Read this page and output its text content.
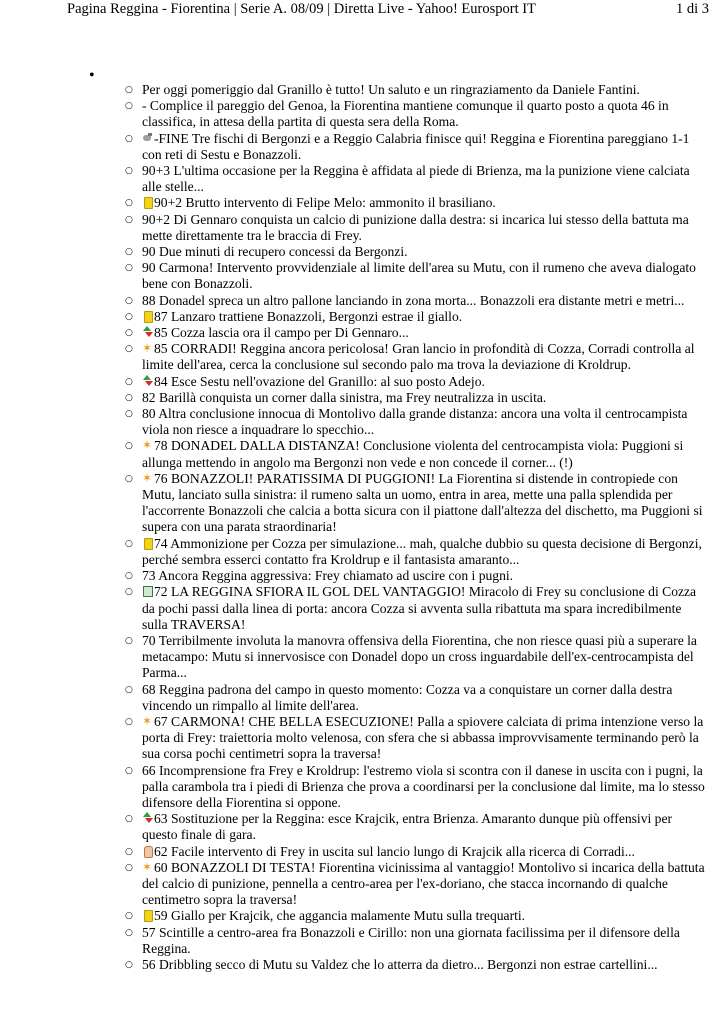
Pagina Reggina - Fiorentina | Serie A. 08/09 | Diretta Live - Yahoo! Eurosport IT	1 di 3
•
○ Per oggi pomeriggio dal Granillo è tutto! Un saluto e un ringraziamento da Daniele Fantini.
○ - Complice il pareggio del Genoa, la Fiorentina mantiene comunque il quarto posto a quota 46 in classifica, in attesa della partita di questa sera della Roma.
○ -FINE Tre fischi di Bergonzi e a Reggio Calabria finisce qui! Reggina e Fiorentina pareggiano 1-1 con reti di Sestu e Bonazzoli.
○ 90+3 L'ultima occasione per la Reggina è affidata al piede di Brienza, ma la punizione viene calciata alle stelle...
○ 90+2 Brutto intervento di Felipe Melo: ammonito il brasiliano.
○ 90+2 Di Gennaro conquista un calcio di punizione dalla destra: si incarica lui stesso della battuta ma mette direttamente tra le braccia di Frey.
○ 90 Due minuti di recupero concessi da Bergonzi.
○ 90 Carmona! Intervento provvidenziale al limite dell'area su Mutu, con il rumeno che aveva dialogato bene con Bonazzoli.
○ 88 Donadel spreca un altro pallone lanciando in zona morta... Bonazzoli era distante metri e metri...
○ 87 Lanzaro trattiene Bonazzoli, Bergonzi estrae il giallo.
○ 85 Cozza lascia ora il campo per Di Gennaro...
○ ✶ 85 CORRADI! Reggina ancora pericolosa! Gran lancio in profondità di Cozza, Corradi controlla al limite dell'area, cerca la conclusione sul secondo palo ma trova la deviazione di Kroldrup.
○ 84 Esce Sestu nell'ovazione del Granillo: al suo posto Adejo.
○ 82 Barillà conquista un corner dalla sinistra, ma Frey neutralizza in uscita.
○ 80 Altra conclusione innocua di Montolivo dalla grande distanza: ancora una volta il centrocampista viola non riesce a inquadrare lo specchio...
○ ✶ 78 DONADEL DALLA DISTANZA! Conclusione violenta del centrocampista viola: Puggioni si allunga mettendo in angolo ma Bergonzi non vede e non concede il corner... (!)
○ ✶ 76 BONAZZOLI! PARATISSIMA DI PUGGIONI! La Fiorentina si distende in contropiede con Mutu, lanciato sulla sinistra: il rumeno salta un uomo, entra in area, mette una palla splendida per l'accorrente Bonazzoli che calcia a botta sicura con il piattone dall'altezza del dischetto, ma Puggioni si supera con una parata straordinaria!
○ 74 Ammonizione per Cozza per simulazione... mah, qualche dubbio su questa decisione di Bergonzi, perché sembra esserci contatto fra Kroldrup e il fantasista amaranto...
○ 73 Ancora Reggina aggressiva: Frey chiamato ad uscire con i pugni.
○ 72 LA REGGINA SFIORA IL GOL DEL VANTAGGIO! Miracolo di Frey su conclusione di Cozza da pochi passi dalla linea di porta: ancora Cozza si avventa sulla ribattuta ma spara incredibilmente sulla TRAVERSA!
○ 70 Terribilmente involuta la manovra offensiva della Fiorentina, che non riesce quasi più a superare la metacampo: Mutu si innervosisce con Donadel dopo un cross inguardabile dell'ex-centrocampista del Parma...
○ 68 Reggina padrona del campo in questo momento: Cozza va a conquistare un corner dalla destra vincendo un rimpallo al limite dell'area.
○ ✶ 67 CARMONA! CHE BELLA ESECUZIONE! Palla a spiovere calciata di prima intenzione verso la porta di Frey: traiettoria molto velenosa, con sfera che si abbassa improvvisamente terminando però la sua corsa pochi centimetri sopra la traversa!
○ 66 Incomprensione fra Frey e Kroldrup: l'estremo viola si scontra con il danese in uscita con i pugni, la palla carambola tra i piedi di Brienza che prova a coordinarsi per la conclusione dal limite, ma lo stesso difensore della Fiorentina si oppone.
○ 63 Sostituzione per la Reggina: esce Krajcik, entra Brienza. Amaranto dunque più offensivi per questo finale di gara.
○ 62 Facile intervento di Frey in uscita sul lancio lungo di Krajcik alla ricerca di Corradi...
○ ✶ 60 BONAZZOLI DI TESTA! Fiorentina vicinissima al vantaggio! Montolivo si incarica della battuta del calcio di punizione, pennella a centro-area per l'ex-doriano, che stacca incornando di qualche centimetro sopra la traversa!
○ 59 Giallo per Krajcik, che aggancia malamente Mutu sulla trequarti.
○ 57 Scintille a centro-area fra Bonazzoli e Cirillo: non una giornata facilissima per il difensore della Reggina.
○ 56 Dribbling secco di Mutu su Valdez che lo atterra da dietro... Bergonzi non estrae cartellini...
